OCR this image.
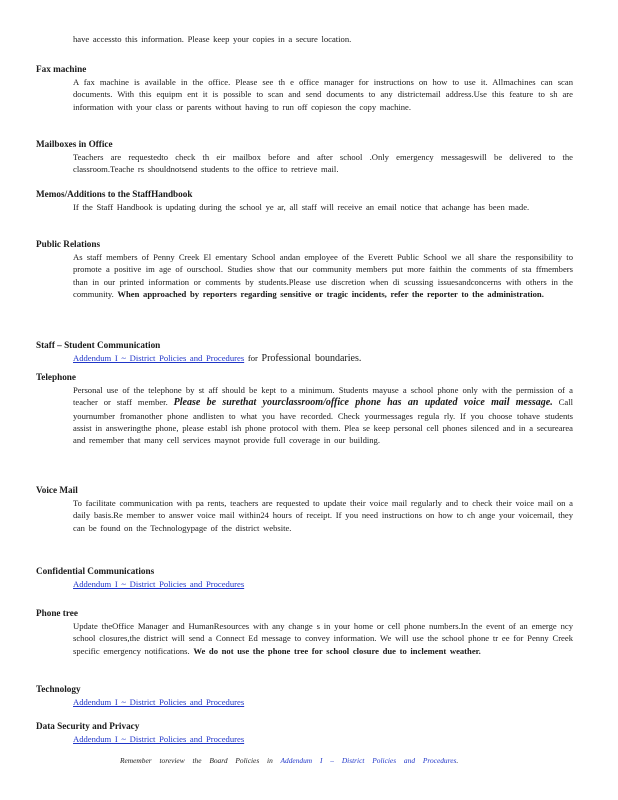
have accessto this information. Please keep your copies in a secure location.

Fax machine

A fax machine is available in the office. Please see th e office manager for instructions on how to use it. Allmachines can scan documents. With this equipm ent it is possible to scan and send documents to any districtemail address.Use this feature to sh are information with your class or parents without having to run off copieson the copy machine.

Mailboxes in Office

Teachers are requestedto check th eir mailbox before and after school .Only emergency messageswill be delivered to the classroom.Teache rs shouldnotsend students to the office to retrieve mail.

Memos/Additions to the StaffHandbook

If the Staff Handbook is updating during the school ye ar, all staff will receive an email notice that achange has been made.

Public Relations

As staff members of Penny Creek El ementary School andan employee of the Everett Public School we all share the responsibility to promote a positive im age of ourschool. Studies show that our community members put more faithin the comments of sta ffmembers than in our printed information or comments by students.Please use discretion when di scussing issuesandconcerns with others in the community. When approached by reporters regarding sensitive or tragic incidents, refer the reporter to the administration.

Staff – Student Communication

Addendum I ~ District Policies and Procedures for Professional boundaries.

Telephone

Personal use of the telephone by st aff should be kept to a minimum. Students mayuse a school phone only with the permission of a teacher or staff member. Please be surethat yourclassroom/office phone has an updated voice mail message. Call yournumber fromanother phone andlisten to what you have recorded. Check yourmessages regula rly. If you choose tohave students assist in answeringthe phone, please establ ish phone protocol with them. Plea se keep personal cell phones silenced and in a securearea and remember that many cell services maynot provide full coverage in our building.

Voice Mail

To facilitate communication with pa rents, teachers are requested to update their voice mail regularly and to check their voice mail on a daily basis.Re member to answer voice mail within24 hours of receipt. If you need instructions on how to ch ange your voicemail, they can be found on the Technologypage of the district website.

Confidential Communications

Addendum I ~ District Policies and Procedures

Phone tree

Update theOffice Manager and HumanResources with any change s in your home or cell phone numbers.In the event of an emerge ncy school closures,the district will send a Connect Ed message to convey information. We will use the school phone tr ee for Penny Creek specific emergency notifications. We do not use the phone tree for school closure due to inclement weather.

Technology

Addendum I ~ District Policies and Procedures

Data Security and Privacy

Addendum I ~ District Policies and Procedures

Remember toreview the Board Policies in Addendum I – District Policies and Procedures.
